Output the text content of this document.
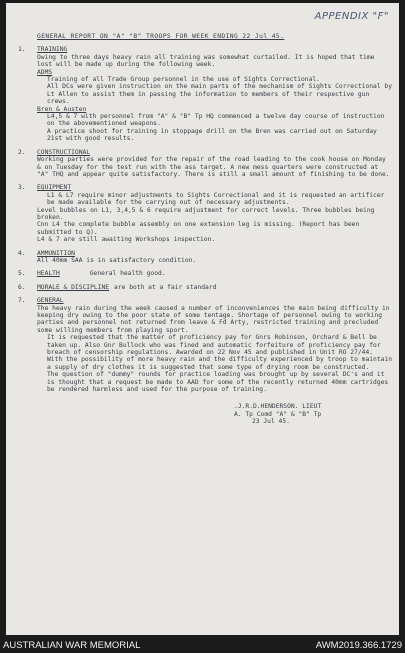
APPENDIX "F"
GENERAL REPORT ON "A" "B" TROOPS FOR WEEK ENDING 22 Jul 45.
1. TRAINING

Owing to three days heavy rain all training was somewhat curtailed. It is hoped that time lost will be made up during the following week.

ADMS

Training of all Trade Group personnel in the use of Sights Correctional.

All DCs were given instruction on the main parts of the mechanism of Sights Correctional by Lt Allen to assist them in passing the information to members of their respective gun crews.

Bren & Austen

L4,5 & 7 with personnel from "A" & "B" Tp HQ commenced a twelve day course of instruction on the abovementioned weapons.

A practice shoot for training in stoppage drill on the Bren was carried out on Saturday 21st with good results.

2. CONSTRUCTIONAL

Working parties were provided for the repair of the road leading to the cook house on Monday & on Tuesday for the test run with the ass target. A new mess quarters were constructed at "A" THQ and appear quite satisfactory. There is still a small amount of finishing to be done.

3. EQUIPMENT

L1 & L7 require minor adjustments to Sights Correctional and it is requested an artificer be made available for the carrying out of necessary adjustments.

Level bubbles on L1, 3,4,5 & 6 require adjustment for correct levels. Three bubbles being broken.

Cnn L4 the complete bubble assembly on one extension leg is missing. (Report has been submitted to Q).

L4 & 7 are still awaiting Workshops inspection.

4. AMMUNITION

All 40mm SAA is in satisfactory condition.

5. HEALTH	General health good.
6. MORALE & DISCIPLINE are both at a fair standard
7. GENERAL

The heavy rain during the week caused a number of inconveniences the main being difficulty in keeping dry owing to the poor state of some tentage. Shortage of personnel owing to working parties and personnel not returned from leave & Fd Arty, restricted training and precluded some willing members from playing sport.

It is requested that the matter of proficiency pay for Gnrs Robinson, Orchard & Bell be taken up. Also Gnr Bullock who was fined and automatic forfeiture of proficiency pay for breach of censorship regulations. Awarded on 22 Nov 45 and published in Unit RO 27/44.

With the possibility of more heavy rain and the difficulty experienced by troop to maintain a supply of dry clothes it is suggested that some type of drying room be constructed.

The question of "dummy" rounds for practice loading was brought up by several DC's and it is thought that a request be made to AAD for some of the recently returned 40mm cartridges be rendered harmless and used for the purpose of training.

.J.R.D.HENDERSON. LIEUT
A. Tp Comd "A" & "B" Tp
23 Jul 45.
AUSTRALIAN WAR MEMORIAL	AWM2019.366.1729
